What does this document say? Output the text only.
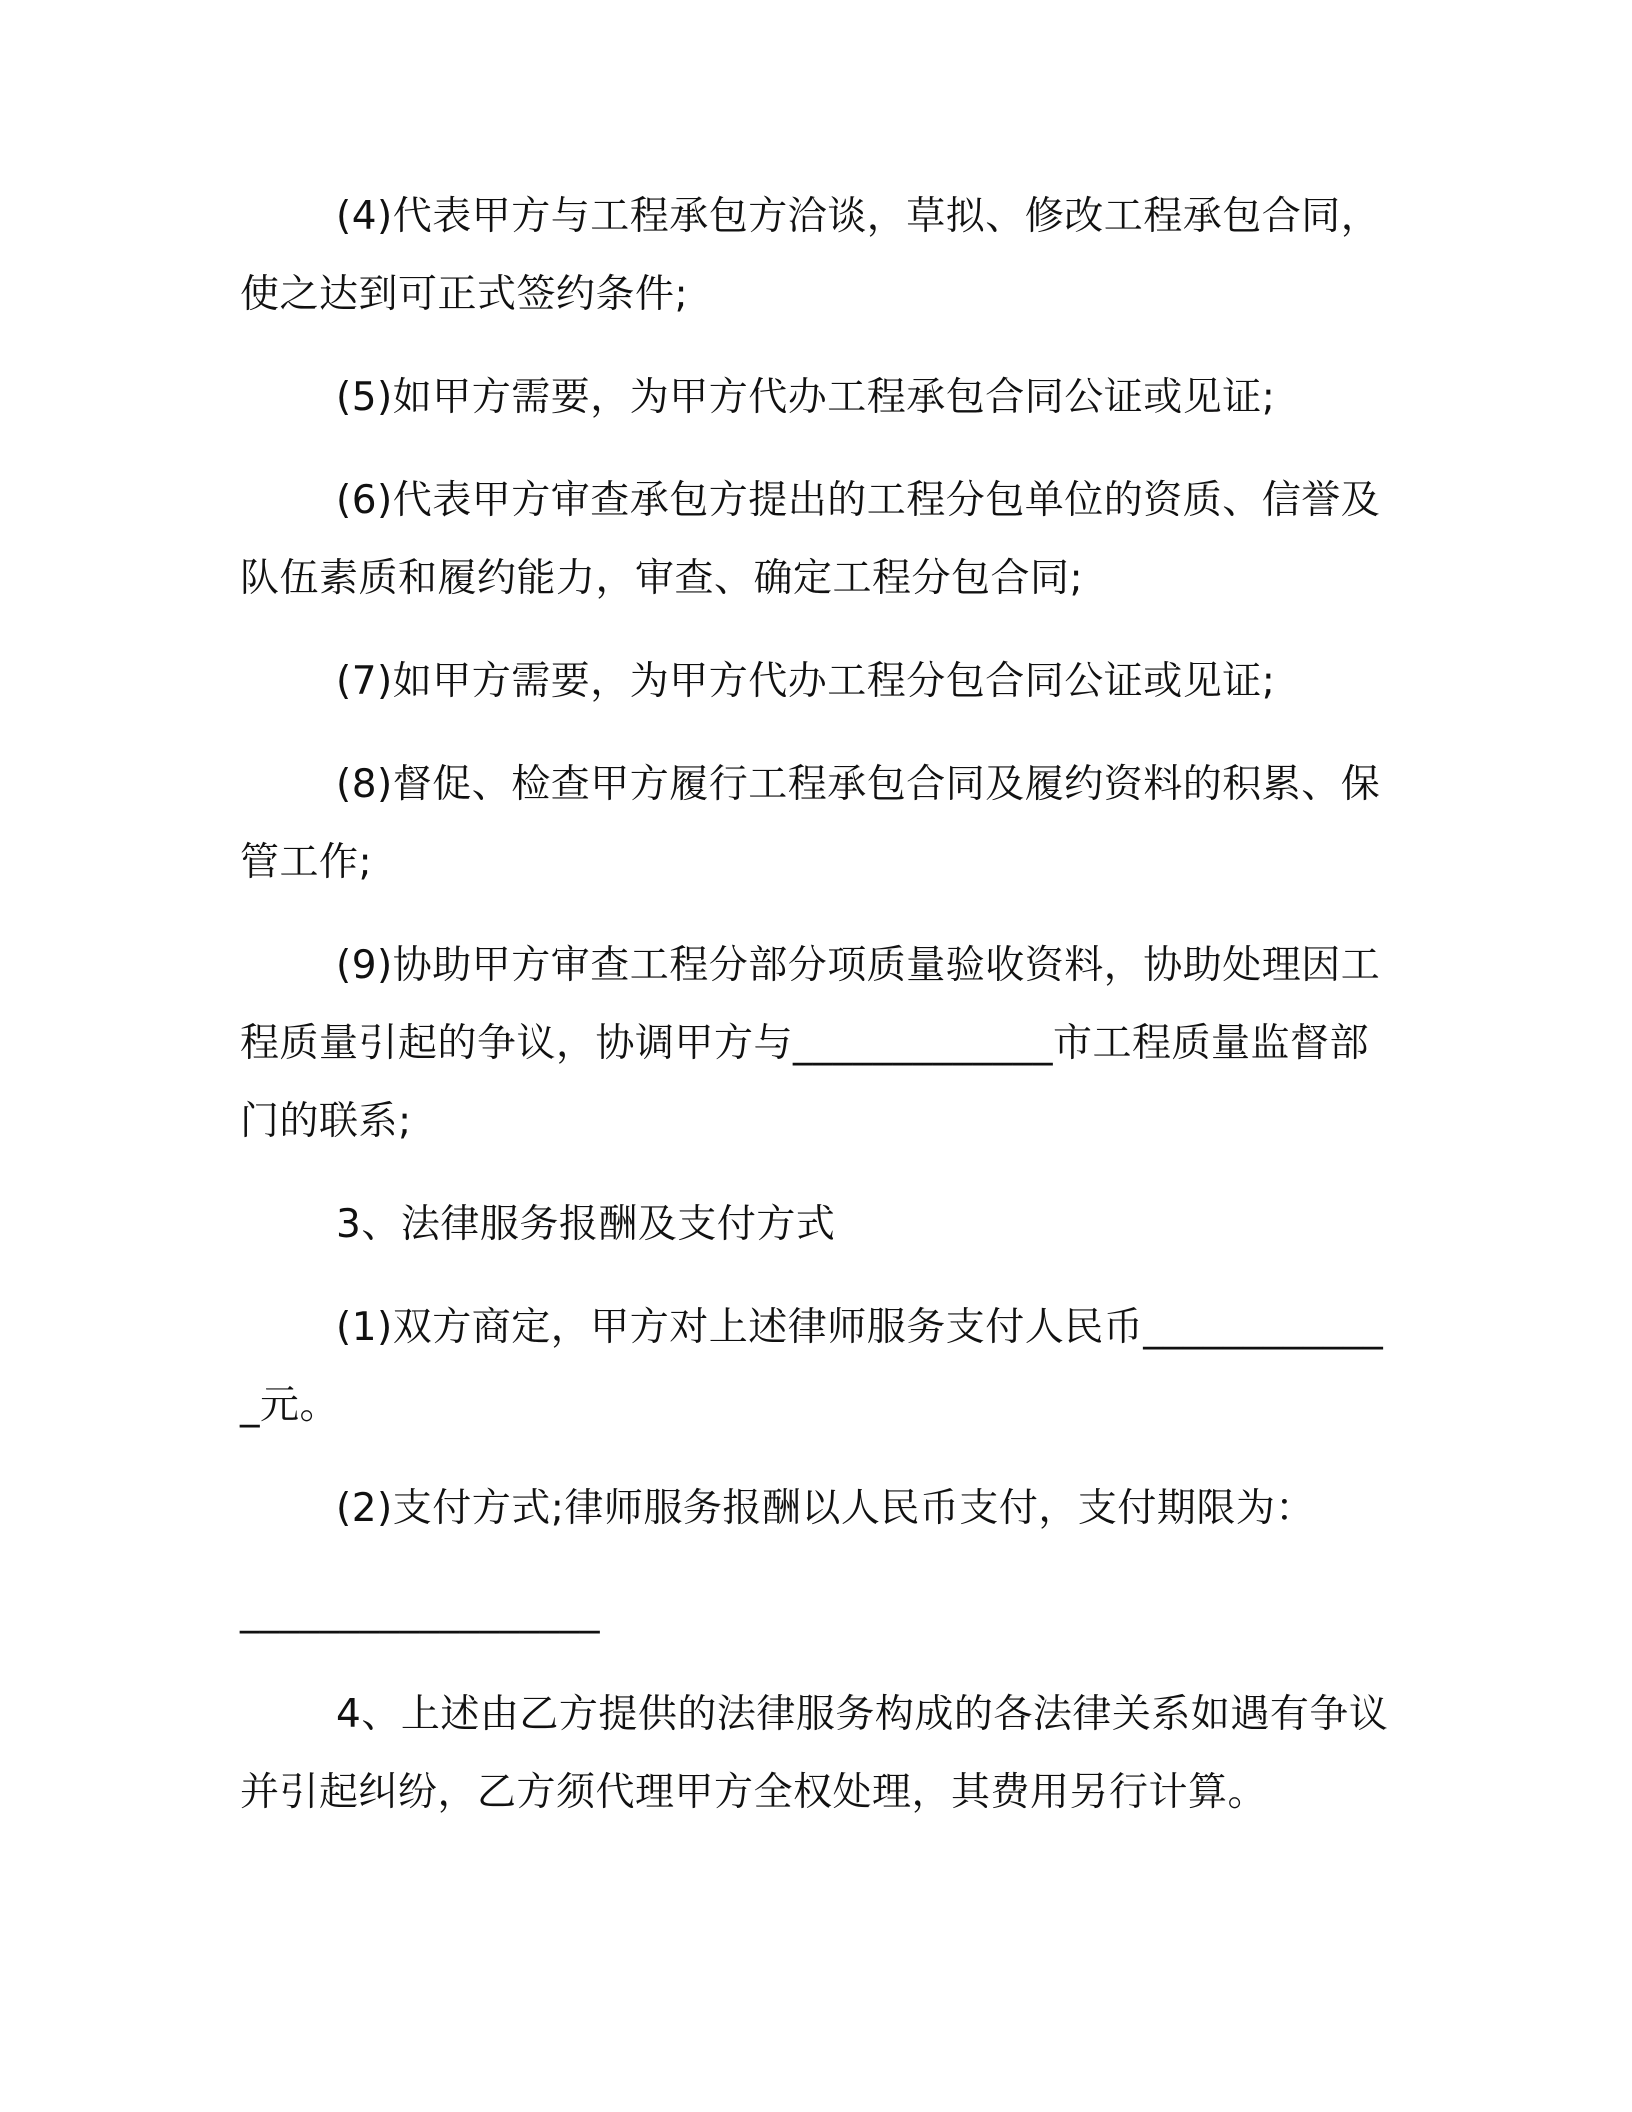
(4)代表甲方与工程承包方洽谈，草拟、修改工程承包合同，使之达到可正式签约条件;

(5)如甲方需要，为甲方代办工程承包合同公证或见证;

(6)代表甲方审查承包方提出的工程分包单位的资质、信誉及队伍素质和履约能力，审查、确定工程分包合同;

(7)如甲方需要，为甲方代办工程分包合同公证或见证;

(8)督促、检查甲方履行工程承包合同及履约资料的积累、保管工作;

(9)协助甲方审查工程分部分项质量验收资料，协助处理因工程质量引起的争议，协调甲方与_____________市工程质量监督部门的联系;

3、法律服务报酬及支付方式

(1)双方商定，甲方对上述律师服务支付人民币_____________元。

(2)支付方式;律师服务报酬以人民币支付，支付期限为：

__________________

4、上述由乙方提供的法律服务构成的各法律关系如遇有争议并引起纠纷，乙方须代理甲方全权处理，其费用另行计算。
